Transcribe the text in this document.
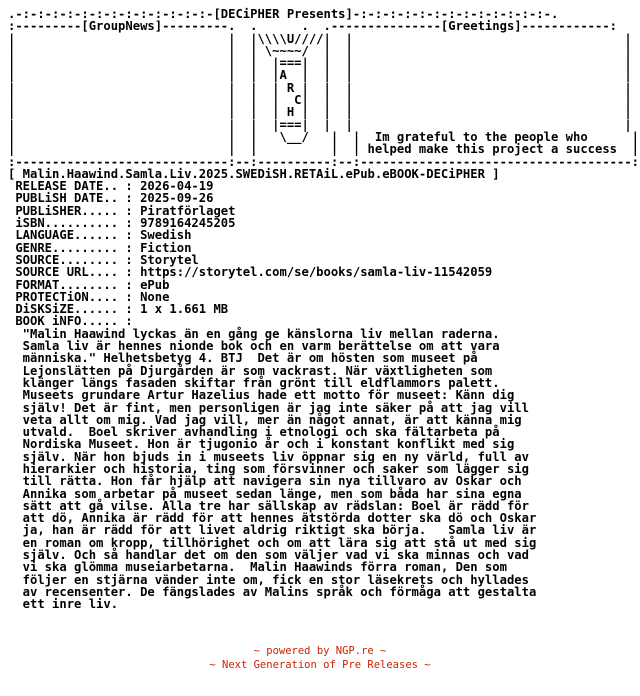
.-:-:-:-:-:-:-:-:-:-:-:-:-:-[DECiPHER Presents]-:-:-:-:-:-:-:-:-:-:-:-:-:-.
:---------[GroupNews]---------.  .      .  .---------------[Greetings]------------:
|                             |  |\\\\U////|  |                                     |
|                             |  | \~~~~/  |  |                                     |
|                             |  |  |===|  |  |                                     |
|                             |  |  |A  |  |  |                                     |
|                             |  |  | R |  |  |                                     |
|                             |  |  |  C|  |  |                                     |
|                             |  |  | H |  |  |                                     |
|                             |  |  |===|  |  |                                     |
|                             |  |   \__/   |  |  Im grateful to the people who      |
|                             |  |          |  | helped make this project a success  |
:-----------------------------:--:----------:--:-------------------------------------:
[ Malin.Haawind.Samla.Liv.2025.SWEDiSH.RETAiL.ePub.eBOOK-DECiPHER ]
RELEASE DATE.. : 2026-04-19
PUBLiSH DATE.. : 2025-09-26
PUBLiSHER..... : Piratförlaget
iSBN.......... : 9789164245205
LANGUAGE...... : Swedish
GENRE......... : Fiction
SOURCE........ : Storytel
SOURCE URL.... : https://storytel.com/se/books/samla-liv-11542059
FORMAT........ : ePub
PROTECTiON.... : None
DiSKSiZE...... : 1 x 1.661 MB
BOOK iNFO..... :
"Malin Haawind lyckas än en gång ge känslorna liv mellan raderna.
Samla liv är hennes nionde bok och en varm berättelse om att vara
människa." Helhetsbetyg 4. BTJ  Det är om hösten som museet på
Lejonslätten på Djurgården är som vackrast. När växtligheten som
klänger längs fasaden skiftar från grönt till eldflammors palett.
Museets grundare Artur Hazelius hade ett motto för museet: Känn dig
själv! Det är fint, men personligen är jag inte säker på att jag vill
veta allt om mig. Vad jag vill, mer än något annat, är att känna mig
utvald.  Boel skriver avhandling i etnologi och ska fältarbeta på
Nordiska Museet. Hon är tjugonio år och i konstant konflikt med sig
själv. När hon bjuds in i museets liv öppnar sig en ny värld, full av
hierarkier och historia, ting som försvinner och saker som lägger sig
till rätta. Hon får hjälp att navigera sin nya tillvaro av Oskar och
Annika som arbetar på museet sedan länge, men som båda har sina egna
sätt att gå vilse. Alla tre har sällskap av rädslan: Boel är rädd för
att dö, Annika är rädd för att hennes ätstörda dotter ska dö och Oskar
ja, han är rädd för att livet aldrig riktigt ska börja.   Samla liv är
en roman om kropp, tillhörighet och om att lära sig att stå ut med sig
själv. Och så handlar det om den som väljer vad vi ska minnas och vad
vi ska glömma museiarbetarna.  Malin Haawinds förra roman, Den som
följer en stjärna vänder inte om, fick en stor läsekrets och hyllades
av recensenter. De fängslades av Malins språk och förmåga att gestalta
ett inre liv.
~ powered by NGP.re ~
~ Next Generation of Pre Releases ~
